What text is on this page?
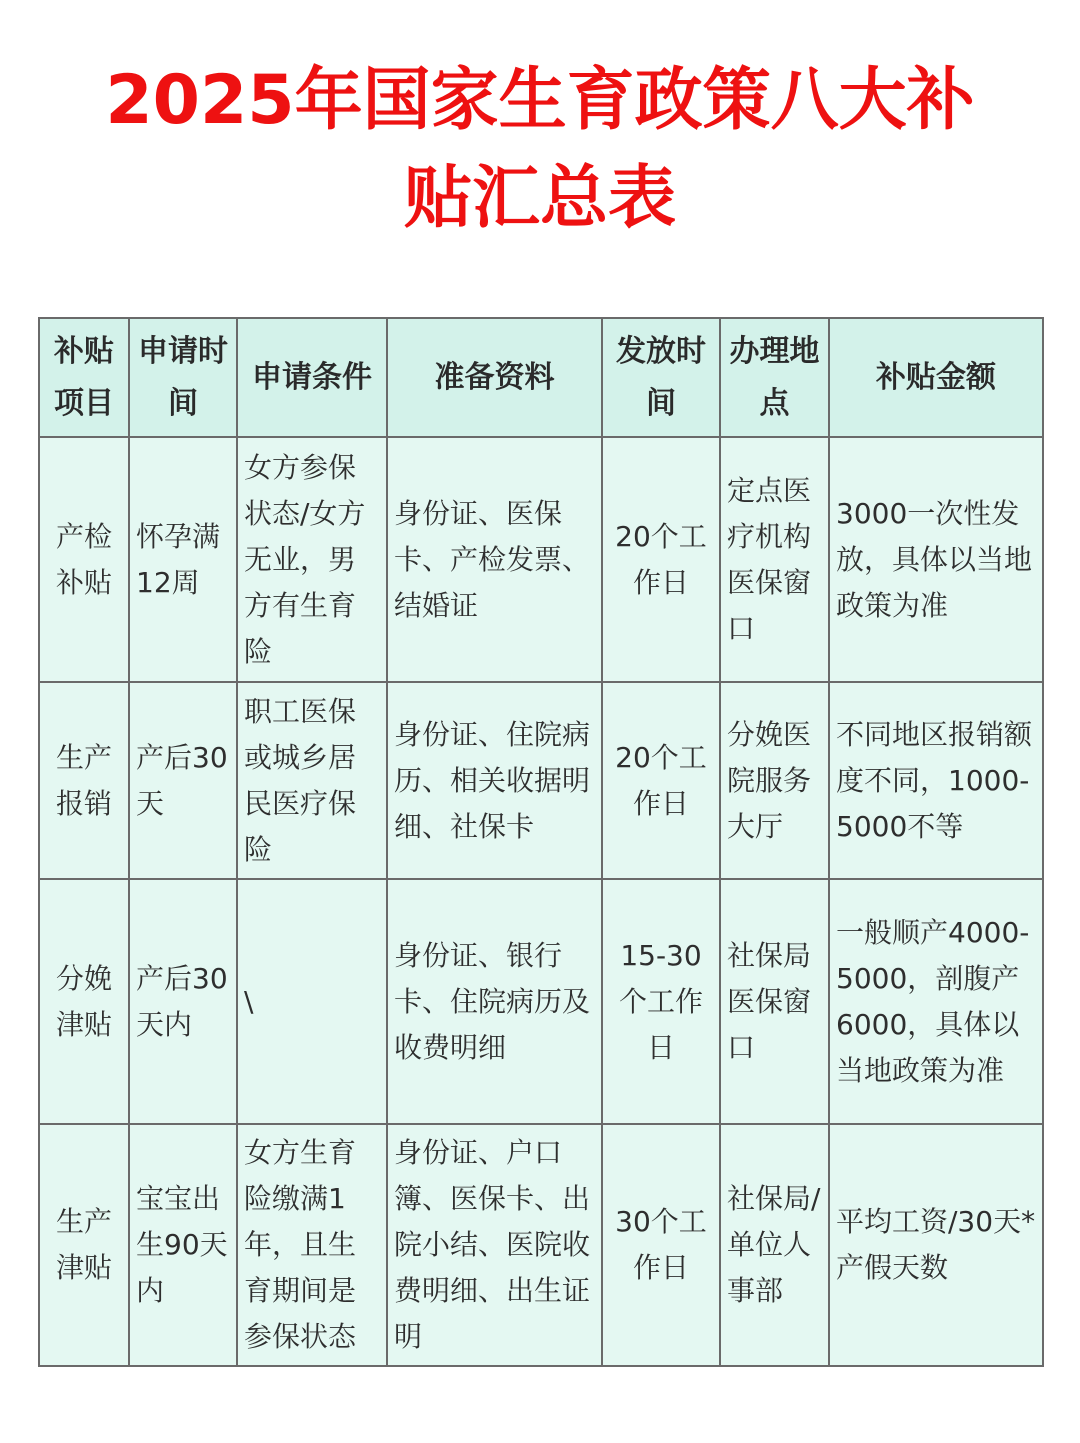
2025年国家生育政策八大补
贴汇总表
补贴项目	申请时间	申请条件	准备资料	发放时间	办理地点	补贴金额
产检补贴	怀孕满12周	女方参保状态/女方无业，男方有生育险	身份证、医保卡、产检发票、结婚证	20个工作日	定点医疗机构医保窗口	3000一次性发放，具体以当地政策为准
生产报销	产后30天	职工医保或城乡居民医疗保险	身份证、住院病历、相关收据明细、社保卡	20个工作日	分娩医院服务大厅	不同地区报销额度不同，1000-5000不等
分娩津贴	产后30天内	\	身份证、银行卡、住院病历及收费明细	15-30个工作日	社保局医保窗口	一般顺产4000-5000，剖腹产6000，具体以当地政策为准
生产津贴	宝宝出生90天内	女方生育险缴满1年，且生育期间是参保状态	身份证、户口簿、医保卡、出院小结、医院收费明细、出生证明	30个工作日	社保局/单位人事部	平均工资/30天*产假天数
